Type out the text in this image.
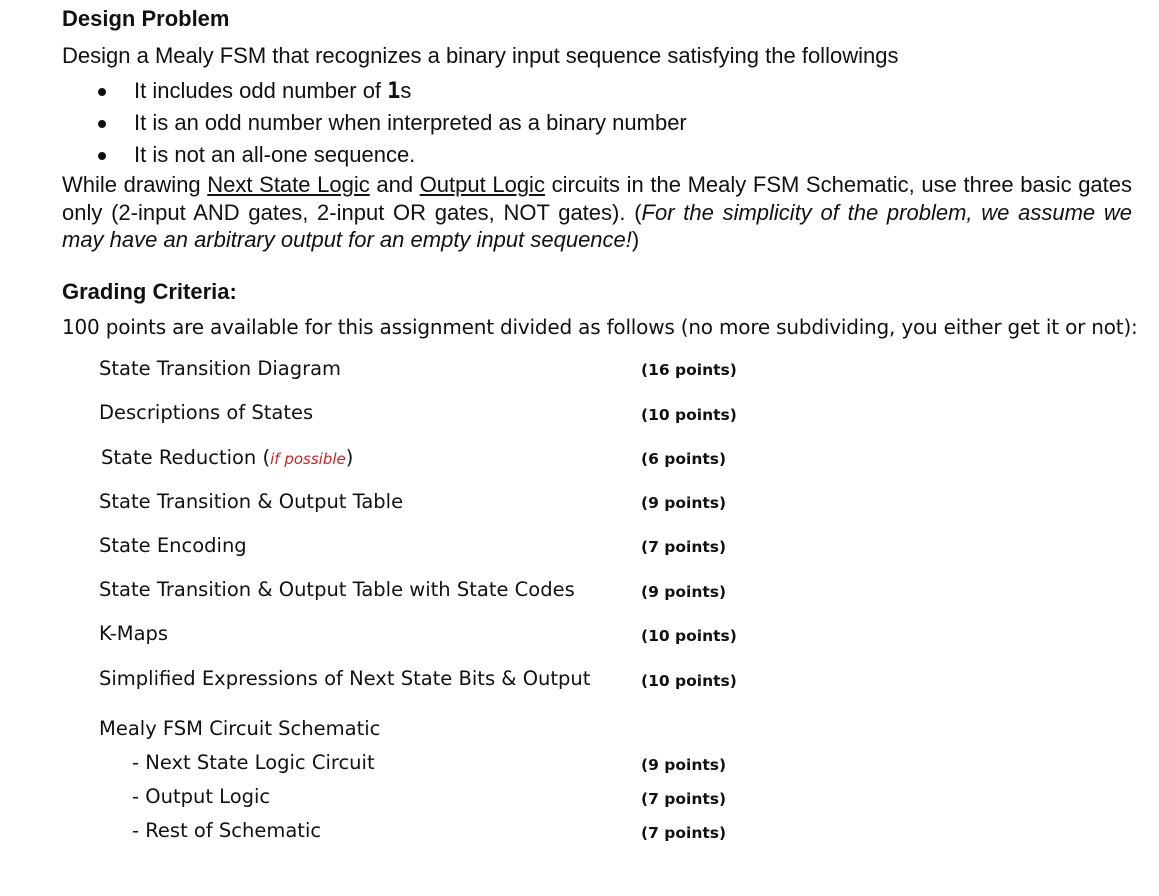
Design Problem
Design a Mealy FSM that recognizes a binary input sequence satisfying the followings
It includes odd number of 1s
It is an odd number when interpreted as a binary number
It is not an all-one sequence.
While drawing Next State Logic and Output Logic circuits in the Mealy FSM Schematic, use three basic gates only (2-input AND gates, 2-input OR gates, NOT gates). (For the simplicity of the problem, we assume we may have an arbitrary output for an empty input sequence!)
Grading Criteria:
100 points are available for this assignment divided as follows (no more subdividing, you either get it or not):
State Transition Diagram	(16 points)
Descriptions of States	(10 points)
State Reduction (if possible)	(6 points)
State Transition & Output Table	(9 points)
State Encoding	(7 points)
State Transition & Output Table with State Codes	(9 points)
K-Maps	(10 points)
Simplified Expressions of Next State Bits & Output	(10 points)
Mealy FSM Circuit Schematic
- Next State Logic Circuit	(9 points)
- Output Logic	(7 points)
- Rest of Schematic	(7 points)
